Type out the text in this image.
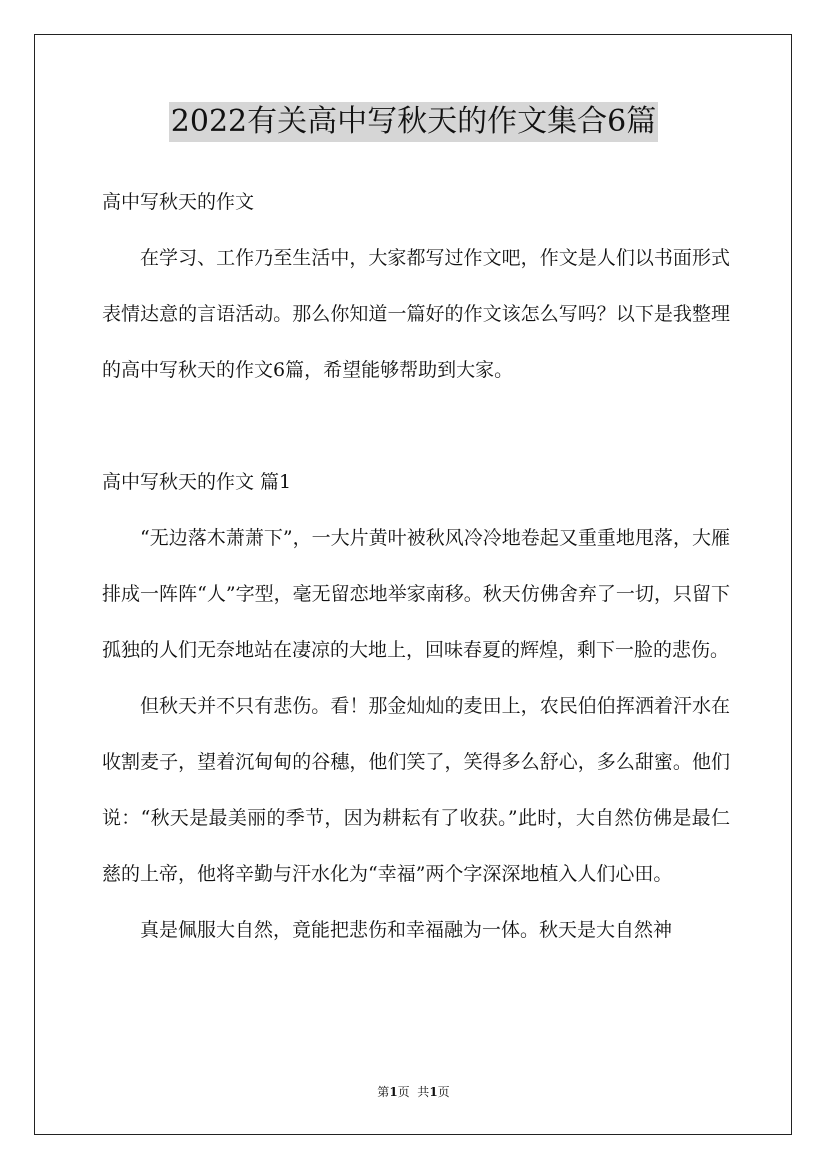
2022有关高中写秋天的作文集合6篇

高中写秋天的作文

在学习、工作乃至生活中，大家都写过作文吧，作文是人们以书面形式表情达意的言语活动。那么你知道一篇好的作文该怎么写吗？以下是我整理的高中写秋天的作文6篇，希望能够帮助到大家。

高中写秋天的作文 篇1

“无边落木萧萧下”，一大片黄叶被秋风冷冷地卷起又重重地甩落，大雁排成一阵阵“人”字型，毫无留恋地举家南移。秋天仿佛舍弃了一切，只留下孤独的人们无奈地站在凄凉的大地上，回味春夏的辉煌，剩下一脸的悲伤。

但秋天并不只有悲伤。看！那金灿灿的麦田上，农民伯伯挥洒着汗水在收割麦子，望着沉甸甸的谷穗，他们笑了，笑得多么舒心，多么甜蜜。他们说：“秋天是最美丽的季节，因为耕耘有了收获。”此时，大自然仿佛是最仁慈的上帝，他将辛勤与汗水化为“幸福”两个字深深地植入人们心田。

真是佩服大自然，竟能把悲伤和幸福融为一体。秋天是大自然神

第1页  共1页
